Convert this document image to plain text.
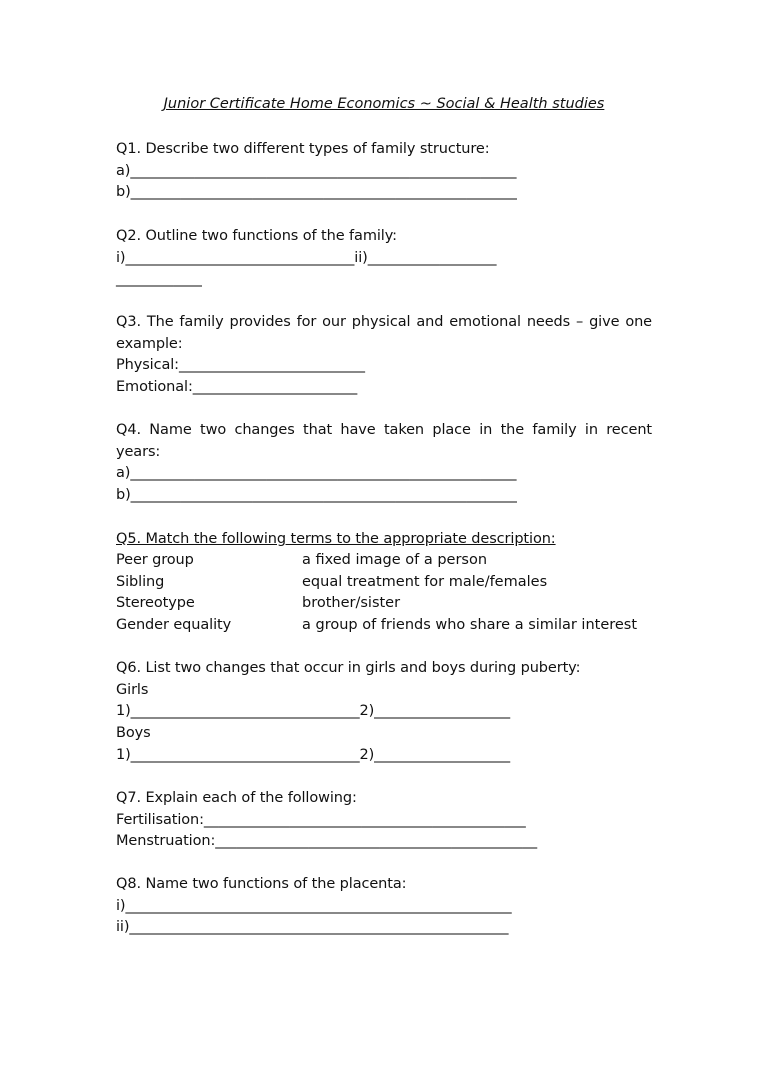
Junior Certificate Home Economics ~ Social & Health studies
Q1. Describe two different types of family structure:
a)______________________________________________________
b)______________________________________________________
Q2. Outline two functions of the family:
i)________________________________ii)__________________
____________
Q3. The family provides for our physical and emotional needs – give one
example:
Physical:__________________________
Emotional:_______________________
Q4. Name two changes that have taken place in the family in recent
years:
a)______________________________________________________
b)______________________________________________________
Q5. Match the following terms to the appropriate description:
Peer group	a fixed image of a person
Sibling	equal treatment for male/females
Stereotype	brother/sister
Gender equality	a group of friends who share a similar interest
Q6. List two changes that occur in girls and boys during puberty:
Girls
1)________________________________2)___________________
Boys
1)________________________________2)___________________
Q7. Explain each of the following:
Fertilisation:_____________________________________________
Menstruation:_____________________________________________
Q8. Name two functions of the placenta:
i)______________________________________________________
ii)_____________________________________________________
